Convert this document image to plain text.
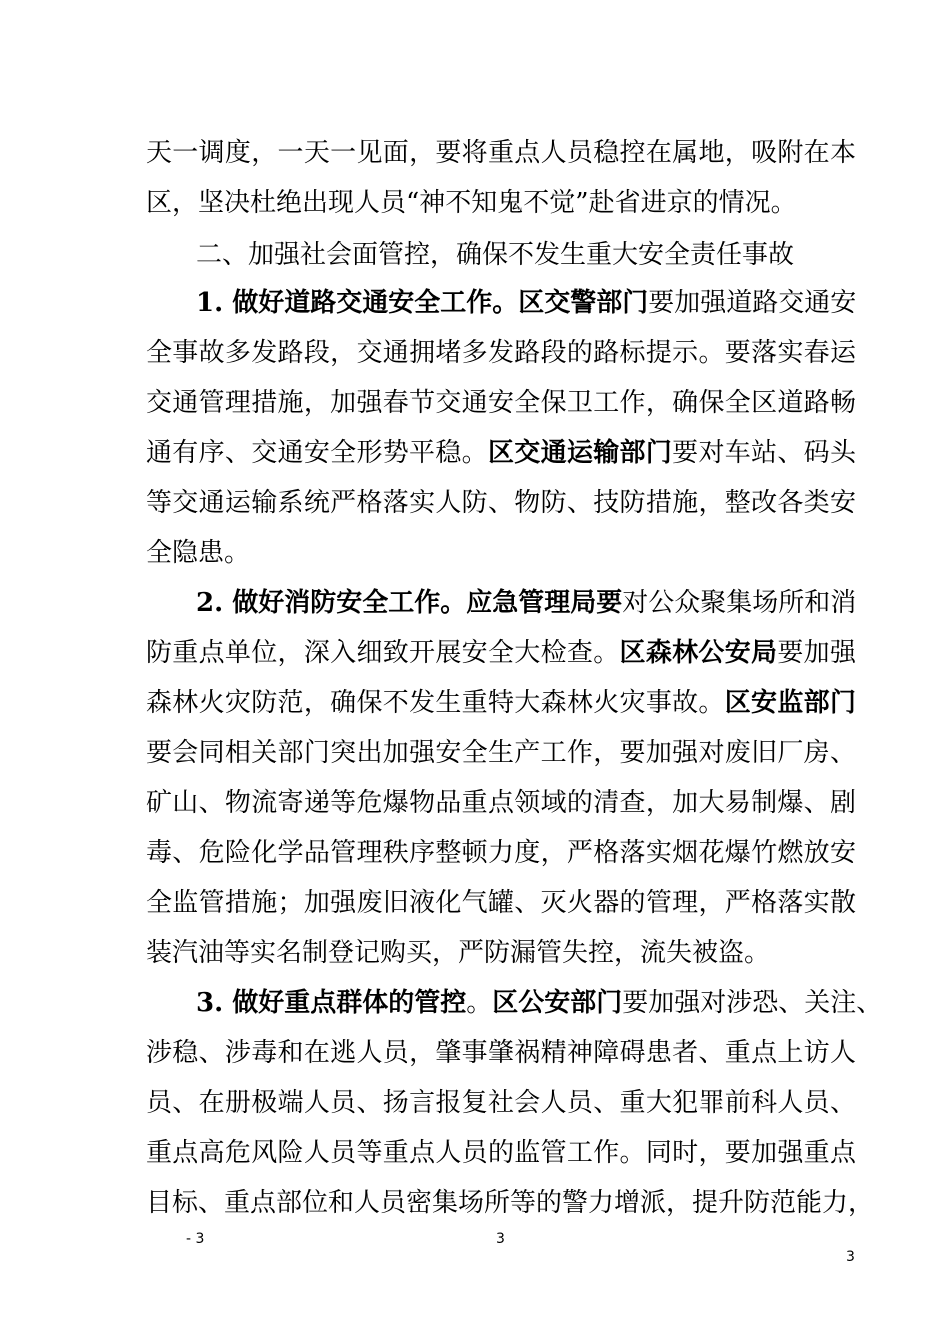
天一调度，一天一见面，要将重点人员稳控在属地，吸附在本
区，坚决杜绝出现人员“神不知鬼不觉”赴省进京的情况。
二、加强社会面管控，确保不发生重大安全责任事故
1. 做好道路交通安全工作。区交警部门要加强道路交通安
全事故多发路段，交通拥堵多发路段的路标提示。要落实春运
交通管理措施，加强春节交通安全保卫工作，确保全区道路畅
通有序、交通安全形势平稳。区交通运输部门要对车站、码头
等交通运输系统严格落实人防、物防、技防措施，整改各类安
全隐患。
2. 做好消防安全工作。应急管理局要对公众聚集场所和消
防重点单位，深入细致开展安全大检查。区森林公安局要加强
森林火灾防范，确保不发生重特大森林火灾事故。区安监部门
要会同相关部门突出加强安全生产工作，要加强对废旧厂房、
矿山、物流寄递等危爆物品重点领域的清查，加大易制爆、剧
毒、危险化学品管理秩序整顿力度，严格落实烟花爆竹燃放安
全监管措施；加强废旧液化气罐、灭火器的管理，严格落实散
装汽油等实名制登记购买，严防漏管失控，流失被盗。
3. 做好重点群体的管控。区公安部门要加强对涉恐、关注、
涉稳、涉毒和在逃人员，肇事肇祸精神障碍患者、重点上访人
员、在册极端人员、扬言报复社会人员、重大犯罪前科人员、
重点高危风险人员等重点人员的监管工作。同时，要加强重点
目标、重点部位和人员密集场所等的警力增派，提升防范能力，
- 3	3
3
